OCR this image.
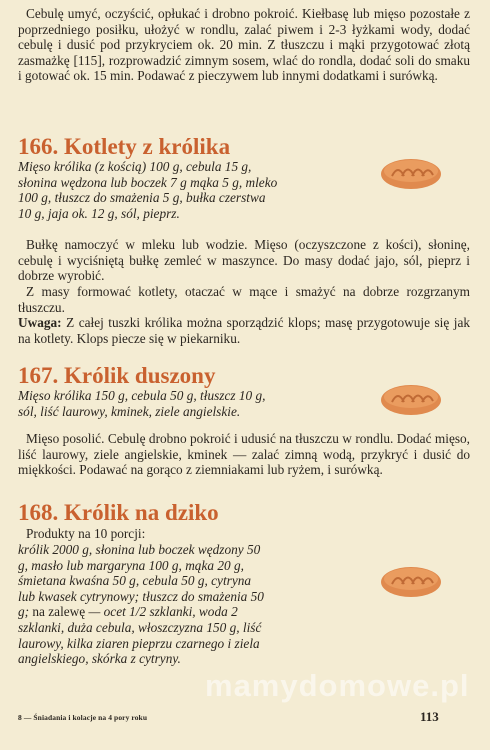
Cebulę umyć, oczyścić, opłukać i drobno pokroić. Kiełbasę lub mięso pozostałe z poprzedniego posiłku, ułożyć w rondlu, zalać piwem i 2-3 łyżkami wody, dodać cebulę i dusić pod przykryciem ok. 20 min. Z tłuszczu i mąki przygotować złotą zasmażkę [115], rozprowadzić zimnym sosem, wlać do rondla, dodać soli do smaku i gotować ok. 15 min. Podawać z pieczywem lub innymi dodatkami i surówką.

166. Kotlety z królika

Mięso królika (z kością) 100 g, cebula 15 g, słonina wędzona lub boczek 7 g mąka 5 g, mleko 100 g, tłuszcz do smażenia 5 g, bułka czerstwa 10 g, jaja ok. 12 g, sól, pieprz.

Bułkę namoczyć w mleku lub wodzie. Mięso (oczyszczone z kości), słoninę, cebulę i wyciśniętą bułkę zemleć w maszynce. Do masy dodać jajo, sól, pieprz i dobrze wyrobić.

Z masy formować kotlety, otaczać w mące i smażyć na dobrze rozgrzanym tłuszczu.

Uwaga: Z całej tuszki królika można sporządzić klops; masę przygotowuje się jak na kotlety. Klops piecze się w piekarniku.

167. Królik duszony

Mięso królika 150 g, cebula 50 g, tłuszcz 10 g, sól, liść laurowy, kminek, ziele angielskie.

Mięso posolić. Cebulę drobno pokroić i udusić na tłuszczu w rondlu. Dodać mięso, liść laurowy, ziele angielskie, kminek — zalać zimną wodą, przykryć i dusić do miękkości. Podawać na gorąco z ziemniakami lub ryżem, i surówką.

168. Królik na dziko

Produkty na 10 porcji:

królik 2000 g, słonina lub boczek wędzony 50 g, masło lub margaryna 100 g, mąka 20 g, śmietana kwaśna 50 g, cebula 50 g, cytryna lub kwasek cytrynowy; tłuszcz do smażenia 50 g; na zalewę — ocet 1/2 szklanki, woda 2 szklanki, duża cebula, włoszczyzna 150 g, liść laurowy, kilka ziaren pieprzu czarnego i ziela angielskiego, skórka z cytryny.

mamydomowe.pl
8 — Śniadania i kolacje na 4 pory roku	113
